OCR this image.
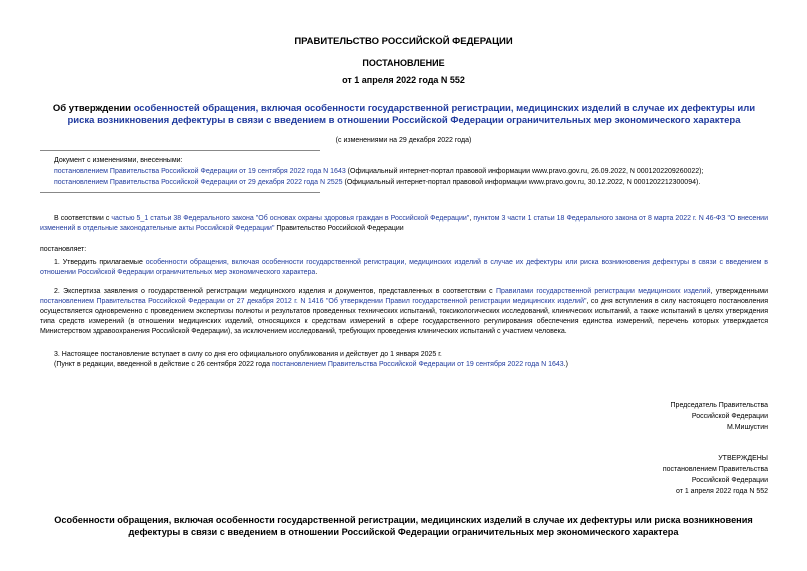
ПРАВИТЕЛЬСТВО РОССИЙСКОЙ ФЕДЕРАЦИИ
ПОСТАНОВЛЕНИЕ
от 1 апреля 2022 года N 552
Об утверждении особенностей обращения, включая особенности государственной регистрации, медицинских изделий в случае их дефектуры или риска возникновения дефектуры в связи с введением в отношении Российской Федерации ограничительных мер экономического характера
(с изменениями на 29 декабря 2022 года)
Документ с изменениями, внесенными:
постановлением Правительства Российской Федерации от 19 сентября 2022 года N 1643 (Официальный интернет-портал правовой информации www.pravo.gov.ru, 26.09.2022, N 0001202209260022);
постановлением Правительства Российской Федерации от 29 декабря 2022 года N 2525 (Официальный интернет-портал правовой информации www.pravo.gov.ru, 30.12.2022, N 0001202212300094).
В соответствии с частью 5_1 статьи 38 Федерального закона "Об основах охраны здоровья граждан в Российской Федерации", пунктом 3 части 1 статьи 18 Федерального закона от 8 марта 2022 г. N 46-ФЗ "О внесении изменений в отдельные законодательные акты Российской Федерации" Правительство Российской Федерации
постановляет:
1. Утвердить прилагаемые особенности обращения, включая особенности государственной регистрации, медицинских изделий в случае их дефектуры или риска возникновения дефектуры в связи с введением в отношении Российской Федерации ограничительных мер экономического характера.
2. Экспертиза заявления о государственной регистрации медицинского изделия и документов, представленных в соответствии с Правилами государственной регистрации медицинских изделий, утвержденными постановлением Правительства Российской Федерации от 27 декабря 2012 г. N 1416 "Об утверждении Правил государственной регистрации медицинских изделий", со дня вступления в силу настоящего постановления осуществляется одновременно с проведением экспертизы полноты и результатов проведенных технических испытаний, токсикологических исследований, клинических испытаний, а также испытаний в целях утверждения типа средств измерений (в отношении медицинских изделий, относящихся к средствам измерений в сфере государственного регулирования обеспечения единства измерений, перечень которых утверждается Министерством здравоохранения Российской Федерации), за исключением исследований, требующих проведения клинических испытаний с участием человека.
3. Настоящее постановление вступает в силу со дня его официального опубликования и действует до 1 января 2025 г.
(Пункт в редакции, введенной в действие с 26 сентября 2022 года постановлением Правительства Российской Федерации от 19 сентября 2022 года N 1643.)
Председатель Правительства
Российской Федерации
М.Мишустин
УТВЕРЖДЕНЫ
постановлением Правительства
Российской Федерации
от 1 апреля 2022 года N 552
Особенности обращения, включая особенности государственной регистрации, медицинских изделий в случае их дефектуры или риска возникновения дефектуры в связи с введением в отношении Российской Федерации ограничительных мер экономического характера
